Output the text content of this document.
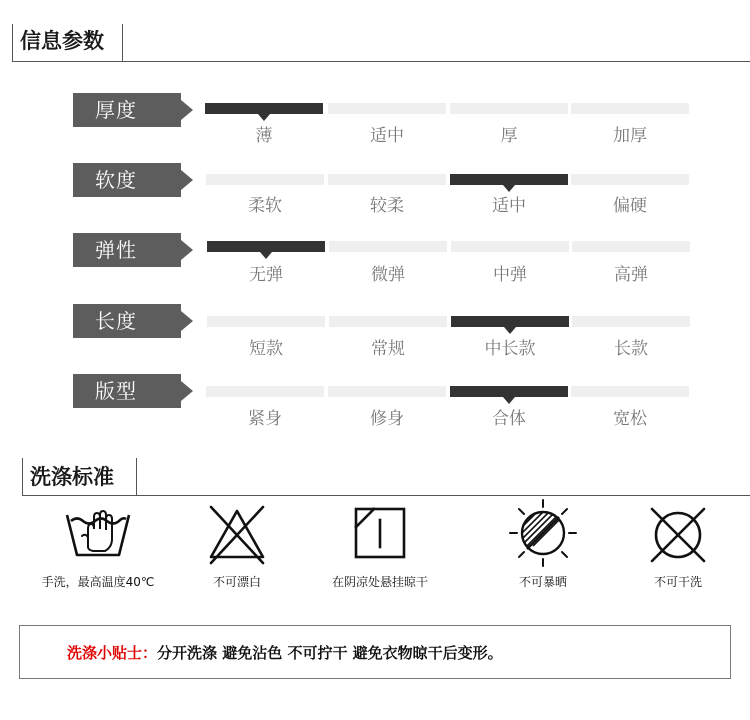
信息参数
厚度
薄	适中	厚	加厚
软度
柔软	较柔	适中	偏硬
弹性
无弹	微弹	中弹	高弹
长度
短款	常规	中长款	长款
版型
紧身	修身	合体	宽松
洗涤标准
手洗，最高温度40℃	不可漂白	在阴凉处悬挂晾干	不可暴晒	不可干洗
洗涤小贴士：分开洗涤 避免沾色 不可拧干 避免衣物晾干后变形。
